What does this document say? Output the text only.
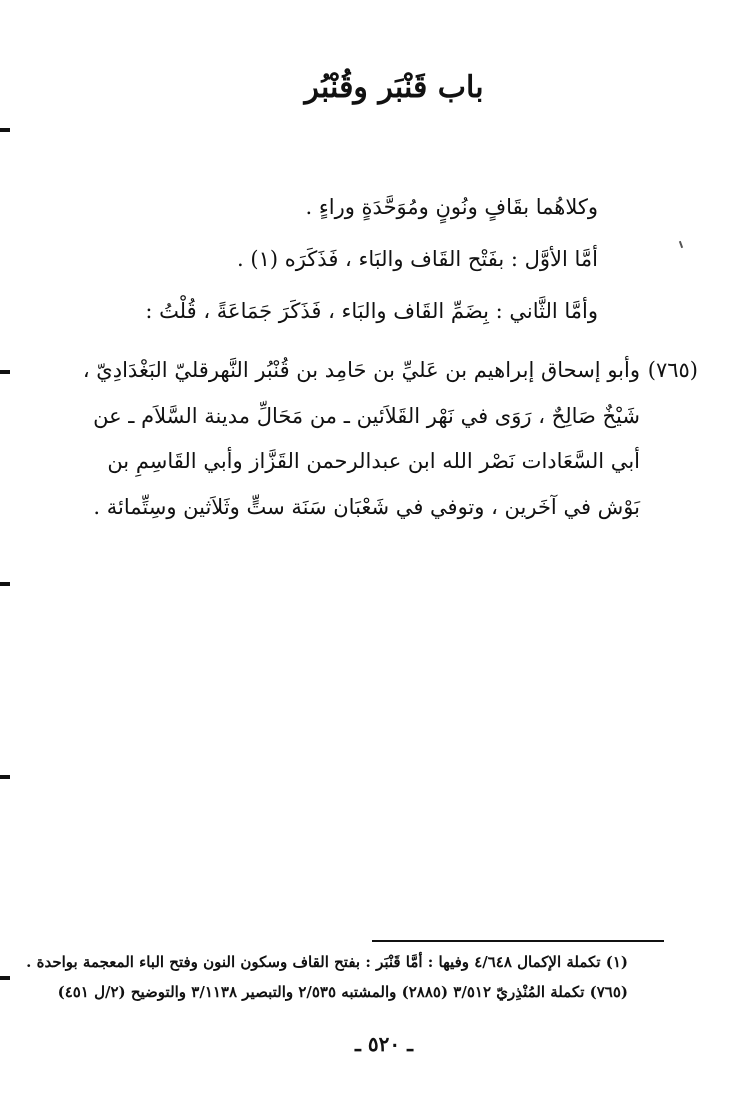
باب قَنْبَر وقُنْبُر
وكلاهُما بقَافٍ ونُونٍ ومُوَحَّدَةٍ وراءٍ .
أمَّا الأوَّل : بفَتْح القَاف والبَاء ، فَذَكَرَه (١) .
وأمَّا الثَّاني : بِضَمِّ القَاف والبَاء ، فَذَكَرَ جَمَاعَةً ، قُلْتُ :
(٧٦٥)
وأبو إسحاق إبراهيم بن عَليِّ بن حَامِد بن قُنْبُر النَّهرقليّ البَغْدَادِيّ ،
شَيْخٌ صَالِحٌ ، رَوَى في نَهْر القَلاَئين ـ من مَحَالِّ مدينة السَّلاَم ـ عن
أبي السَّعَادات نَصْر الله ابن عبدالرحمن القَزَّاز وأبي القَاسِمِ بن
بَوْش في آخَرين ، وتوفي في شَعْبَان سَنَة ستٍّ وثَلاَثين وسِتِّمائة .
(١) تكملة الإكمال ٤/٦٤٨ وفيها : أمَّا قَنْبَر : بفتح القاف وسكون النون وفتح الباء المعجمة بواحدة .
(٧٦٥) تكملة المُنْذِريّ ٣/٥١٢ (٢٨٨٥) والمشتبه ٢/٥٣٥ والتبصير ٣/١١٣٨ والتوضيح (٢/ل ٤٥١)
ـ ٥٢٠ ـ
